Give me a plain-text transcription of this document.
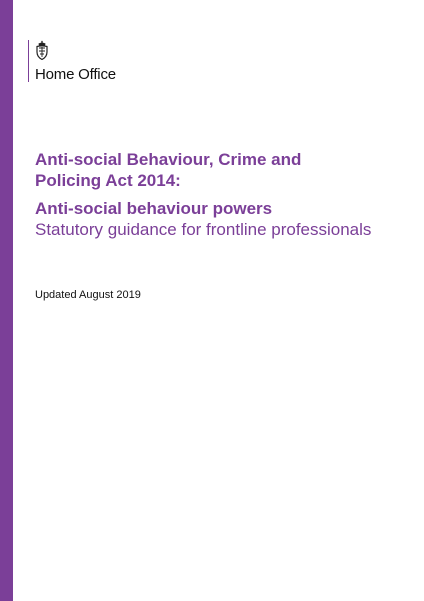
Home Office
Anti-social Behaviour, Crime and
Policing Act 2014:
Anti-social behaviour powers
Statutory guidance for frontline professionals
Updated August 2019
